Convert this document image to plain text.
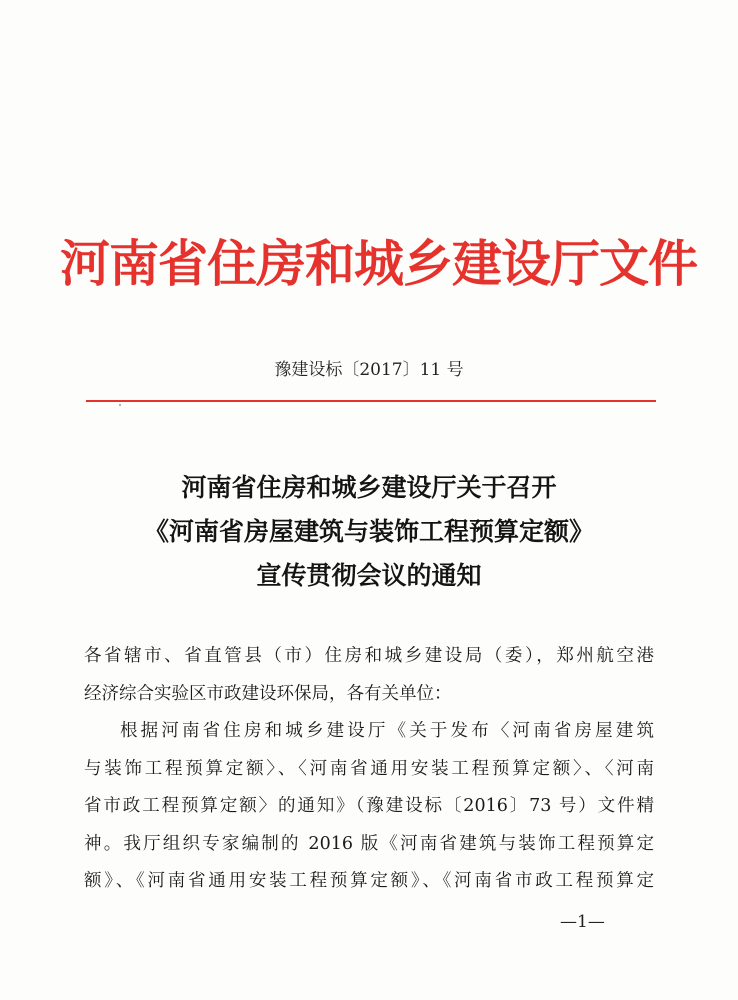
河南省住房和城乡建设厅文件
豫建设标〔2017〕11 号
河南省住房和城乡建设厅关于召开
《河南省房屋建筑与装饰工程预算定额》
宣传贯彻会议的通知
各省辖市、省直管县（市）住房和城乡建设局（委），郑州航空港
经济综合实验区市政建设环保局，各有关单位：
根据河南省住房和城乡建设厅《关于发布〈河南省房屋建筑
与装饰工程预算定额〉、〈河南省通用安装工程预算定额〉、〈河南
省市政工程预算定额〉的通知》（豫建设标〔2016〕73 号）文件精
神。我厅组织专家编制的 2016 版《河南省建筑与装饰工程预算定
额》、《河南省通用安装工程预算定额》、《河南省市政工程预算定
—1—
